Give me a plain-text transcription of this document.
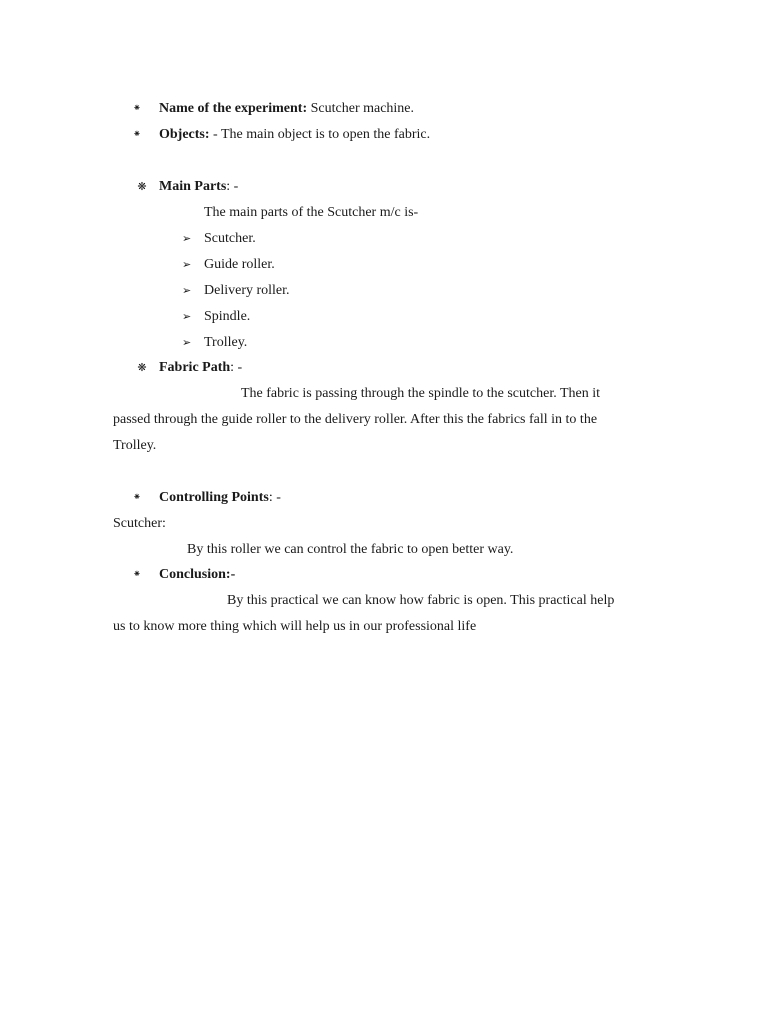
⁕ Name of the experiment: Scutcher machine.
⁕ Objects: - The main object is to open the fabric.
❋ Main Parts: -
The main parts of the Scutcher m/c is-
➢ Scutcher.
➢ Guide roller.
➢ Delivery roller.
➢ Spindle.
➢ Trolley.
❋ Fabric Path: -
The fabric is passing through the spindle to the scutcher. Then it
passed through the guide roller to the delivery roller. After this the fabrics fall in to the
Trolley.
⁕ Controlling Points: -
Scutcher:
By this roller we can control the fabric to open better way.
⁕ Conclusion:-
By this practical we can know how fabric is open. This practical help
us to know more thing which will help us in our professional life
